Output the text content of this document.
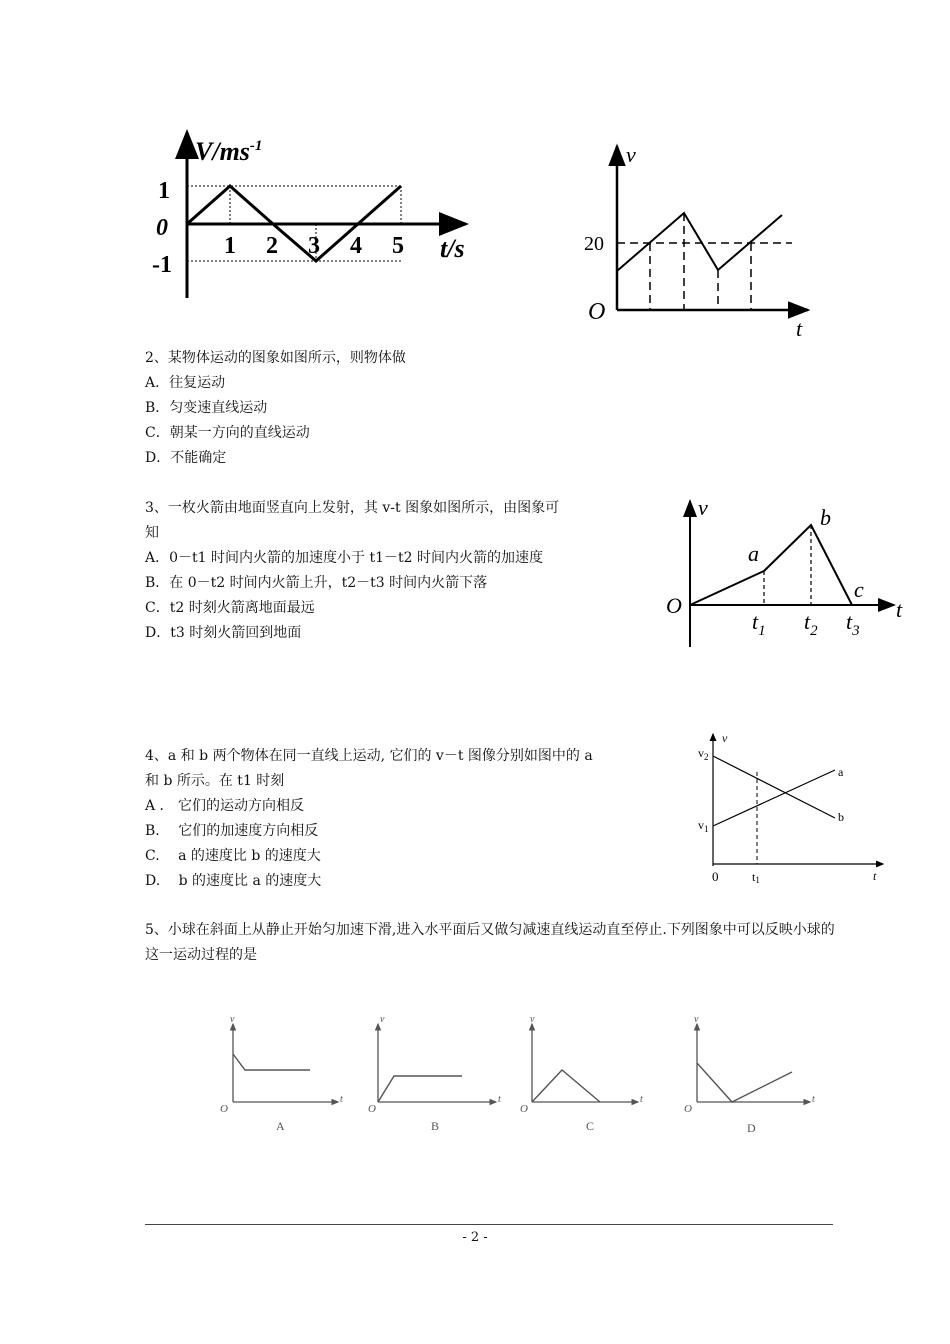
$V/ms^{-1}$
1
0
-1
1 2 3 4 5 t/s
v
20
O
t
2、某物体运动的图象如图所示，则物体做
A．往复运动
B．匀变速直线运动
C．朝某一方向的直线运动
D．不能确定
3、一枚火箭由地面竖直向上发射，其 v-t 图象如图所示，由图象可
知
A．0－t1 时间内火箭的加速度小于 t1－t2 时间内火箭的加速度
B．在 0－t2 时间内火箭上升，t2－t3 时间内火箭下落
C．t2 时刻火箭离地面最远
D．t3 时刻火箭回到地面
v
a
b
c
O	t
$t_1$ $t_2$ $t_3$
4、a 和 b 两个物体在同一直线上运动, 它们的 v－t 图像分别如图中的 a
和 b 所示。在 t1 时刻
A ． 它们的运动方向相反
B.　 它们的加速度方向相反
C.　 a 的速度比 b 的速度大
D.　 b 的速度比 a 的速度大
v
$v_2$
$v_1$
a
b
0	t1	t
5、小球在斜面上从静止开始匀加速下滑,进入水平面后又做匀减速直线运动直至停止.下列图象中可以反映小球的这一运动过程的是
v
t
O
A
v
t
O
B
v
t
O
C
v
t
O
D
- 2 -
